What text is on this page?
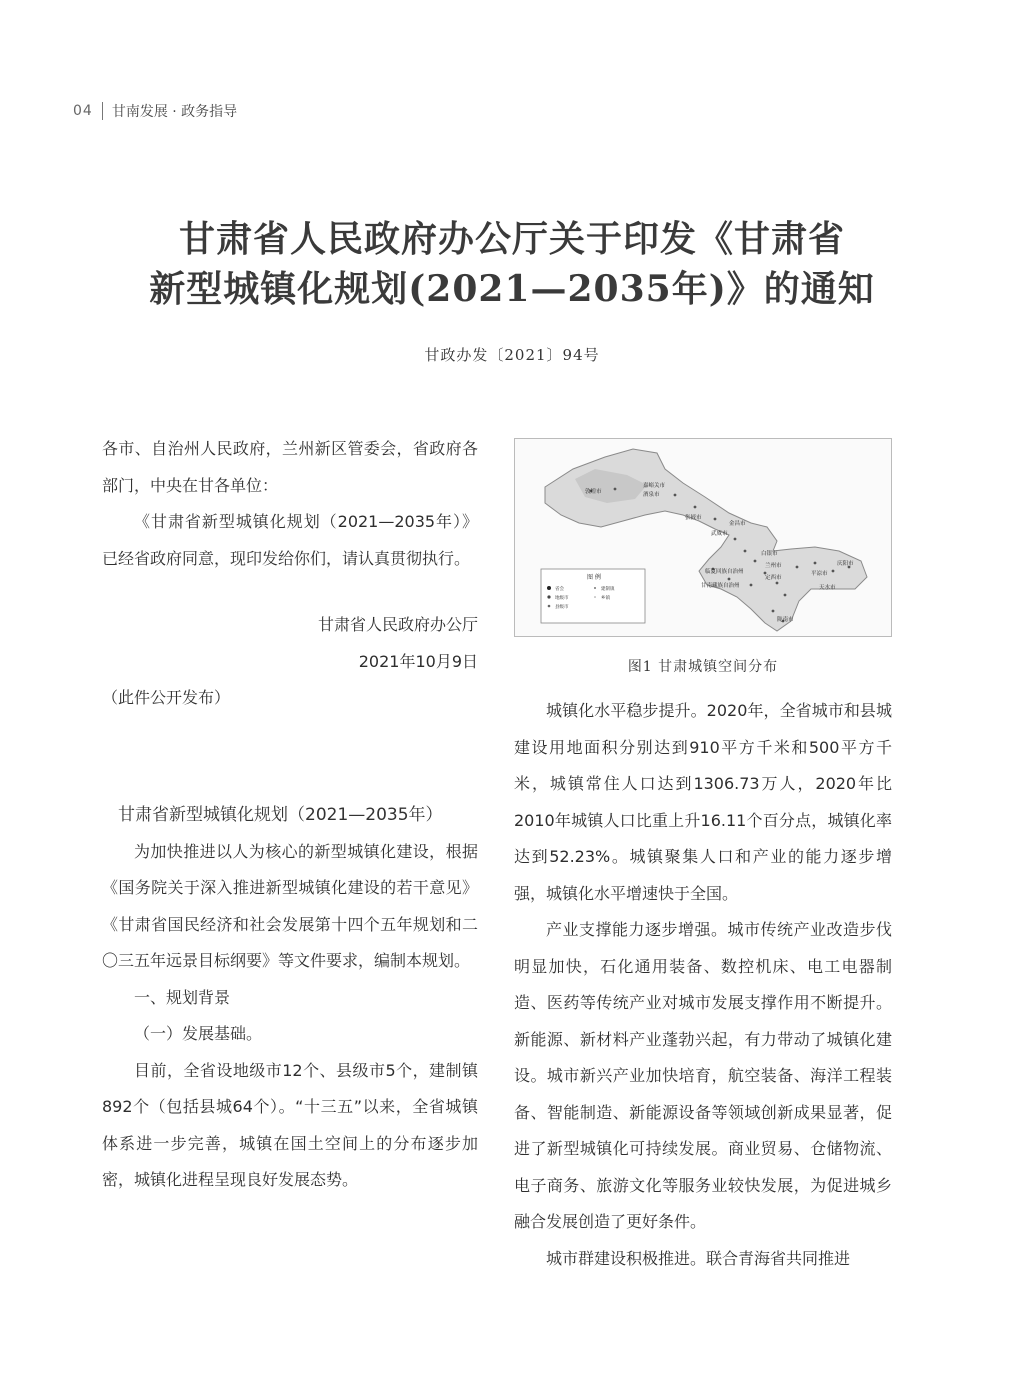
04 甘南发展 · 政务指导
甘肃省人民政府办公厅关于印发《甘肃省
新型城镇化规划(2021—2035年)》的通知
甘政办发〔2021〕94号

各市、自治州人民政府，兰州新区管委会，省政府各部门，中央在甘各单位：

《甘肃省新型城镇化规划（2021—2035年）》已经省政府同意，现印发给你们，请认真贯彻执行。

甘肃省人民政府办公厅

2021年10月9日

（此件公开发布）

甘肃省新型城镇化规划（2021—2035年）

为加快推进以人为核心的新型城镇化建设，根据《国务院关于深入推进新型城镇化建设的若干意见》《甘肃省国民经济和社会发展第十四个五年规划和二〇三五年远景目标纲要》等文件要求，编制本规划。

一、规划背景

（一）发展基础。

目前，全省设地级市12个、县级市5个，建制镇892个（包括县城64个）。“十三五”以来，全省城镇体系进一步完善，城镇在国土空间上的分布逐步加密，城镇化进程呈现良好发展态势。

敦煌市
嘉峪关市
酒泉市
张掖市
金昌市
武威市
白银市
兰州市
定西市
临夏回族自治州
甘南藏族自治州
平凉市
庆阳市
天水市
陇南市
图 例
省会
地级市
县级市
建制镇
乡镇
图1 甘肃城镇空间分布

城镇化水平稳步提升。2020年，全省城市和县城建设用地面积分别达到910平方千米和500平方千米，城镇常住人口达到1306.73万人，2020年比2010年城镇人口比重上升16.11个百分点，城镇化率达到52.23%。城镇聚集人口和产业的能力逐步增强，城镇化水平增速快于全国。

产业支撑能力逐步增强。城市传统产业改造步伐明显加快，石化通用装备、数控机床、电工电器制造、医药等传统产业对城市发展支撑作用不断提升。新能源、新材料产业蓬勃兴起，有力带动了城镇化建设。城市新兴产业加快培育，航空装备、海洋工程装备、智能制造、新能源设备等领域创新成果显著，促进了新型城镇化可持续发展。商业贸易、仓储物流、电子商务、旅游文化等服务业较快发展，为促进城乡融合发展创造了更好条件。

城市群建设积极推进。联合青海省共同推进
